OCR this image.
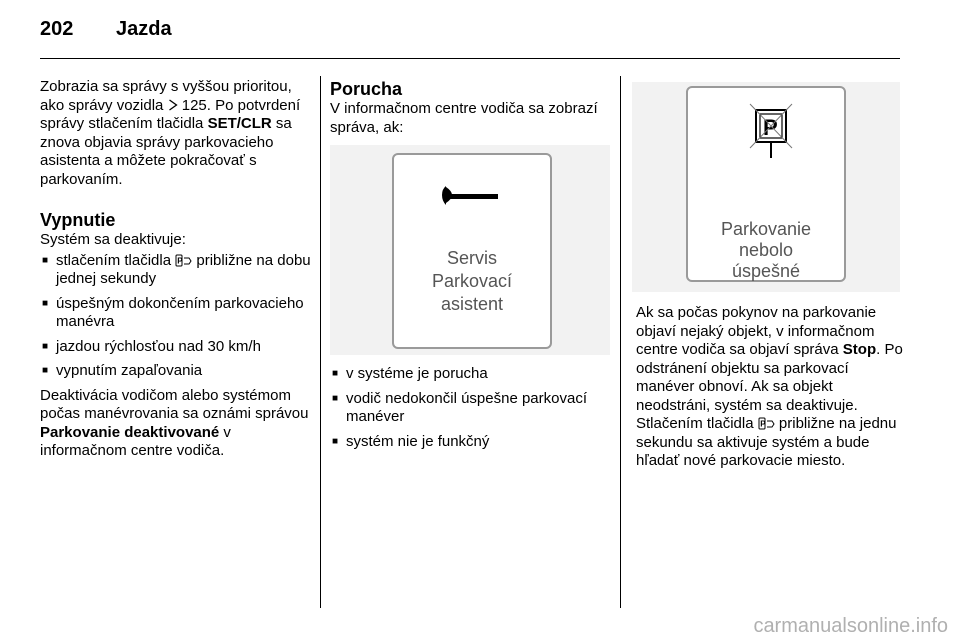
202 Jazda

Zobrazia sa správy s vyššou prioritou, ako správy vozidla  125. Po potvrdení správy stlačením tlačidla SET/CLR sa znova objavia správy parkovacieho asistenta a môžete pokračovať s parkovaním.

Vypnutie

Systém sa deaktivuje:

■ stlačením tlačidla P približne na dobu jednej sekundy
■ úspešným dokončením parkovacieho manévra
■ jazdou rýchlosťou nad 30 km/h
■ vypnutím zapaľovania

Deaktivácia vodičom alebo systémom počas manévrovania sa oznámi správou Parkovanie deaktivované v informačnom centre vodiča.

Porucha

V informačnom centre vodiča sa zobrazí správa, ak:

Servis
Parkovací
asistent
■ v systéme je porucha
■ vodič nedokončil úspešne parkovací manéver
■ systém nie je funkčný
P
Parkovanie
nebolo
úspešné

Ak sa počas pokynov na parkovanie objaví nejaký objekt, v informačnom centre vodiča sa objaví správa Stop. Po odstránení objektu sa parkovací manéver obnoví. Ak sa objekt neodstráni, systém sa deaktivuje. Stlačením tlačidla P približne na jednu sekundu sa aktivuje systém a bude hľadať nové parkovacie miesto.

carmanualsonline.info
